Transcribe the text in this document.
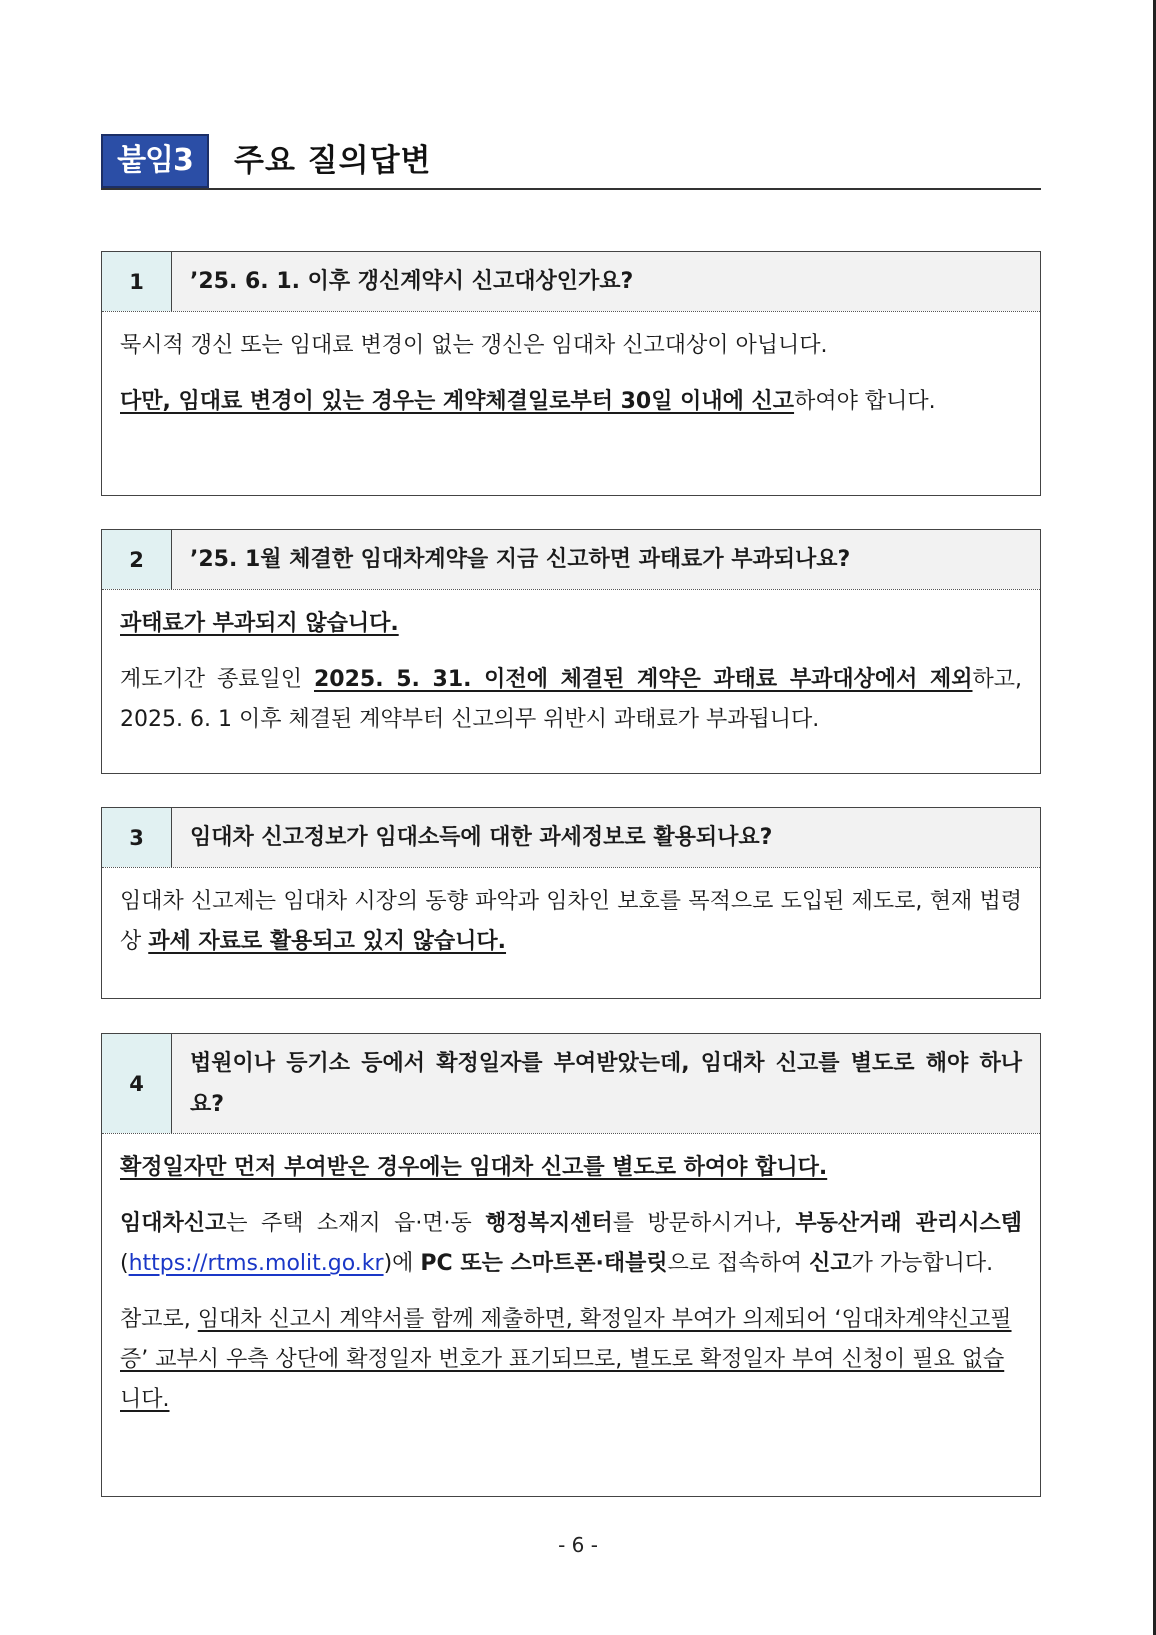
붙임3	주요 질의답변
1	’25. 6. 1. 이후 갱신계약시 신고대상인가요?

묵시적 갱신 또는 임대료 변경이 없는 갱신은 임대차 신고대상이 아닙니다.

다만, 임대료 변경이 있는 경우는 계약체결일로부터 30일 이내에 신고하여야 합니다.

2	’25. 1월 체결한 임대차계약을 지금 신고하면 과태료가 부과되나요?

과태료가 부과되지 않습니다.

계도기간 종료일인 2025. 5. 31. 이전에 체결된 계약은 과태료 부과대상에서 제외하고, 2025. 6. 1 이후 체결된 계약부터 신고의무 위반시 과태료가 부과됩니다.

3	임대차 신고정보가 임대소득에 대한 과세정보로 활용되나요?

임대차 신고제는 임대차 시장의 동향 파악과 임차인 보호를 목적으로 도입된 제도로, 현재 법령상 과세 자료로 활용되고 있지 않습니다.

4
법원이나 등기소 등에서 확정일자를 부여받았는데, 임대차 신고를 별도로 해야 하나요?

확정일자만 먼저 부여받은 경우에는 임대차 신고를 별도로 하여야 합니다.

임대차신고는 주택 소재지 읍·면·동 행정복지센터를 방문하시거나, 부동산거래 관리시스템(https://rtms.molit.go.kr)에 PC 또는 스마트폰·태블릿으로 접속하여 신고가 가능합니다.

참고로, 임대차 신고시 계약서를 함께 제출하면, 확정일자 부여가 의제되어 ‘임대차계약신고필증’ 교부시 우측 상단에 확정일자 번호가 표기되므로, 별도로 확정일자 부여 신청이 필요 없습니다.

- 6 -
